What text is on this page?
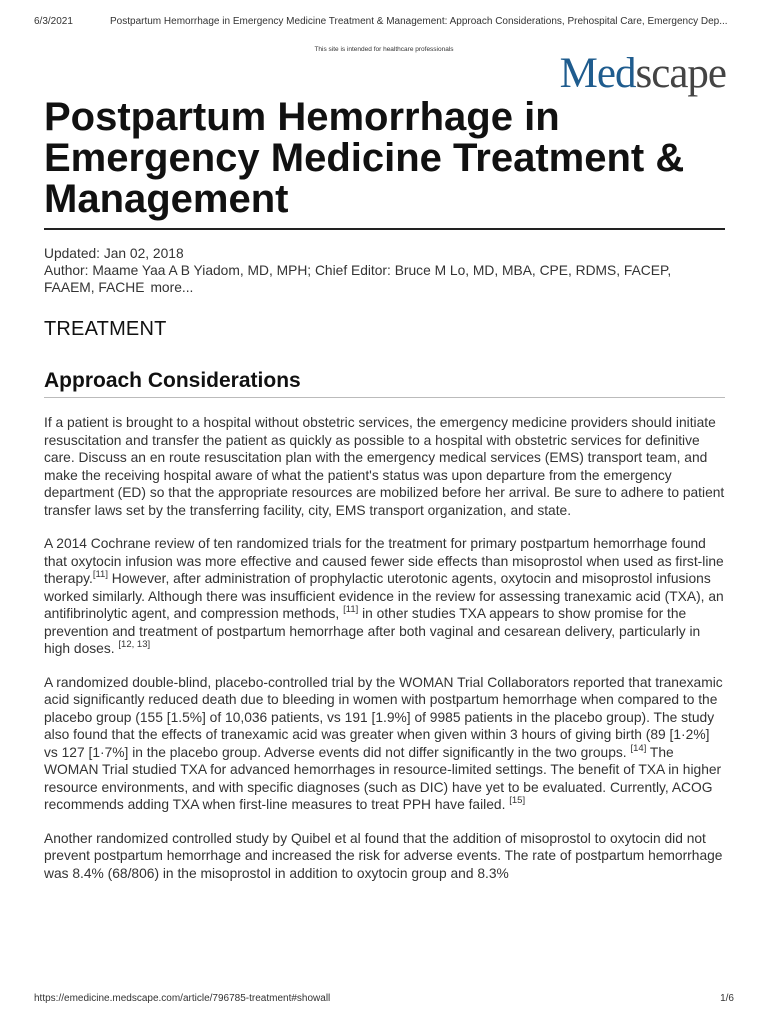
6/3/2021	Postpartum Hemorrhage in Emergency Medicine Treatment & Management: Approach Considerations, Prehospital Care, Emergency Dep...
This site is intended for healthcare professionals
Medscape
Postpartum Hemorrhage in Emergency Medicine Treatment & Management
Updated: Jan 02, 2018
Author: Maame Yaa A B Yiadom, MD, MPH; Chief Editor: Bruce M Lo, MD, MBA, CPE, RDMS, FACEP, FAAEM, FACHE more...
TREATMENT
Approach Considerations

If a patient is brought to a hospital without obstetric services, the emergency medicine providers should initiate resuscitation and transfer the patient as quickly as possible to a hospital with obstetric services for definitive care. Discuss an en route resuscitation plan with the emergency medical services (EMS) transport team, and make the receiving hospital aware of what the patient's status was upon departure from the emergency department (ED) so that the appropriate resources are mobilized before her arrival. Be sure to adhere to patient transfer laws set by the transferring facility, city, EMS transport organization, and state.

A 2014 Cochrane review of ten randomized trials for the treatment for primary postpartum hemorrhage found that oxytocin infusion was more effective and caused fewer side effects than misoprostol when used as first-line therapy.[11] However, after administration of prophylactic uterotonic agents, oxytocin and misoprostol infusions worked similarly. Although there was insufficient evidence in the review for assessing tranexamic acid (TXA), an antifibrinolytic agent, and compression methods, [11] in other studies TXA appears to show promise for the prevention and treatment of postpartum hemorrhage after both vaginal and cesarean delivery, particularly in high doses. [12, 13]

A randomized double-blind, placebo-controlled trial by the WOMAN Trial Collaborators reported that tranexamic acid significantly reduced death due to bleeding in women with postpartum hemorrhage when compared to the placebo group (155 [1.5%] of 10,036 patients, vs 191 [1.9%] of 9985 patients in the placebo group). The study also found that the effects of tranexamic acid was greater when given within 3 hours of giving birth (89 [1·2%] vs 127 [1·7%] in the placebo group. Adverse events did not differ significantly in the two groups. [14] The WOMAN Trial studied TXA for advanced hemorrhages in resource-limited settings. The benefit of TXA in higher resource environments, and with specific diagnoses (such as DIC) have yet to be evaluated. Currently, ACOG recommends adding TXA when first-line measures to treat PPH have failed. [15]

Another randomized controlled study by Quibel et al found that the addition of misoprostol to oxytocin did not prevent postpartum hemorrhage and increased the risk for adverse events. The rate of postpartum hemorrhage was 8.4% (68/806) in the misoprostol in addition to oxytocin group and 8.3%

https://emedicine.medscape.com/article/796785-treatment#showall	1/6
